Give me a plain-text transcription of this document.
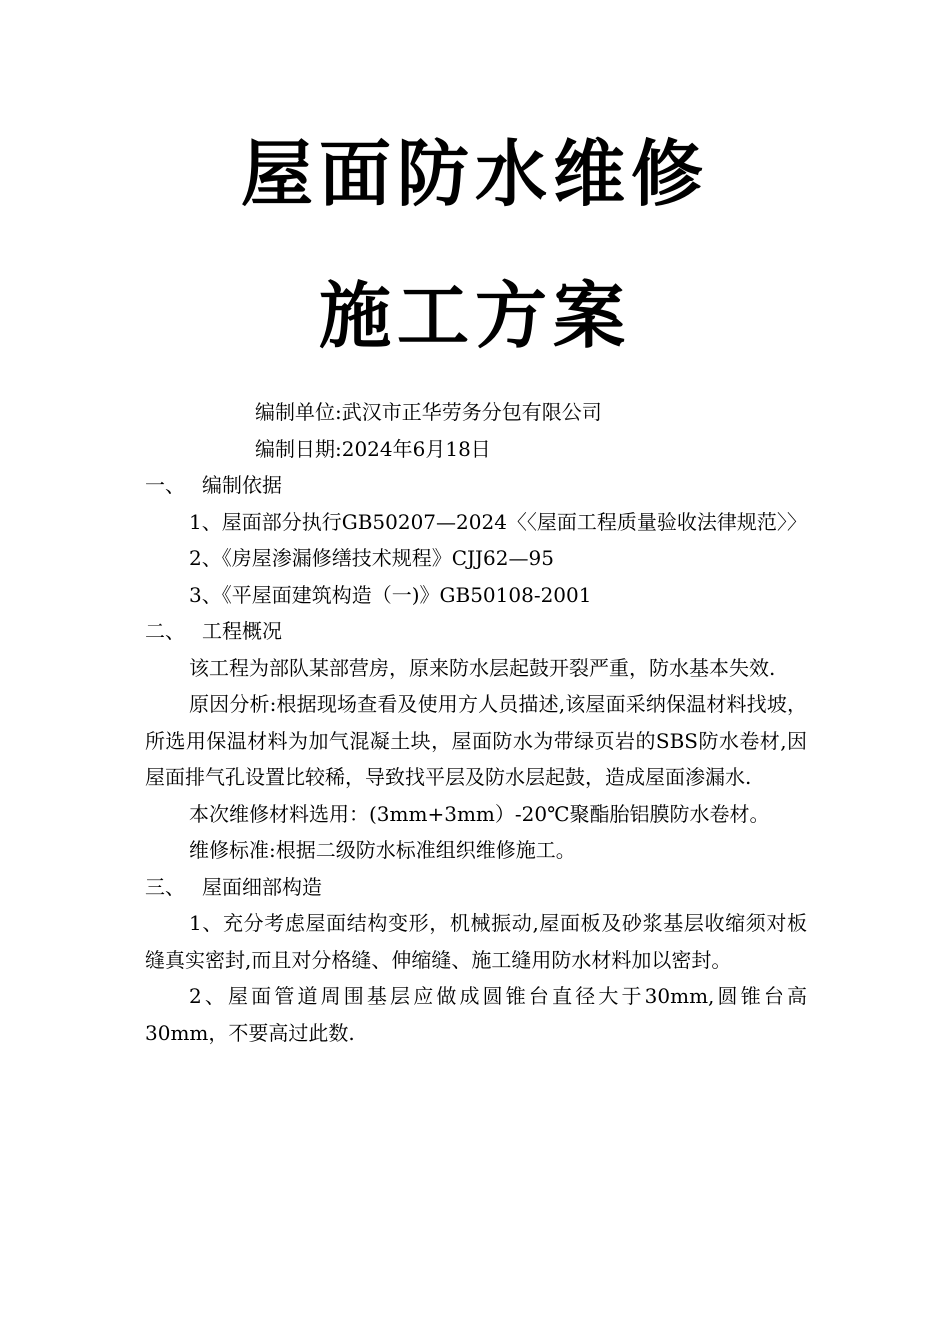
屋面防水维修
施工方案

编制单位:武汉市正华劳务分包有限公司

编制日期:2024年6月18日

一、 编制依据

1、屋面部分执行GB50207—2024〈〈屋面工程质量验收法律规范〉〉

2、《房屋渗漏修缮技术规程》CJJ62—95

3、《平屋面建筑构造（一)》GB50108-2001

二、 工程概况

该工程为部队某部营房，原来防水层起鼓开裂严重，防水基本失效.

原因分析:根据现场查看及使用方人员描述,该屋面采纳保温材料找坡，所选用保温材料为加气混凝土块，屋面防水为带绿页岩的SBS防水卷材,因屋面排气孔设置比较稀，导致找平层及防水层起鼓，造成屋面渗漏水.

本次维修材料选用：(3mm+3mm）-20℃聚酯胎铝膜防水卷材。

维修标准:根据二级防水标准组织维修施工。

三、 屋面细部构造

1、充分考虑屋面结构变形，机械振动,屋面板及砂浆基层收缩须对板缝真实密封,而且对分格缝、伸缩缝、施工缝用防水材料加以密封。

2、屋面管道周围基层应做成圆锥台直径大于30mm,圆锥台高30mm，不要高过此数.
